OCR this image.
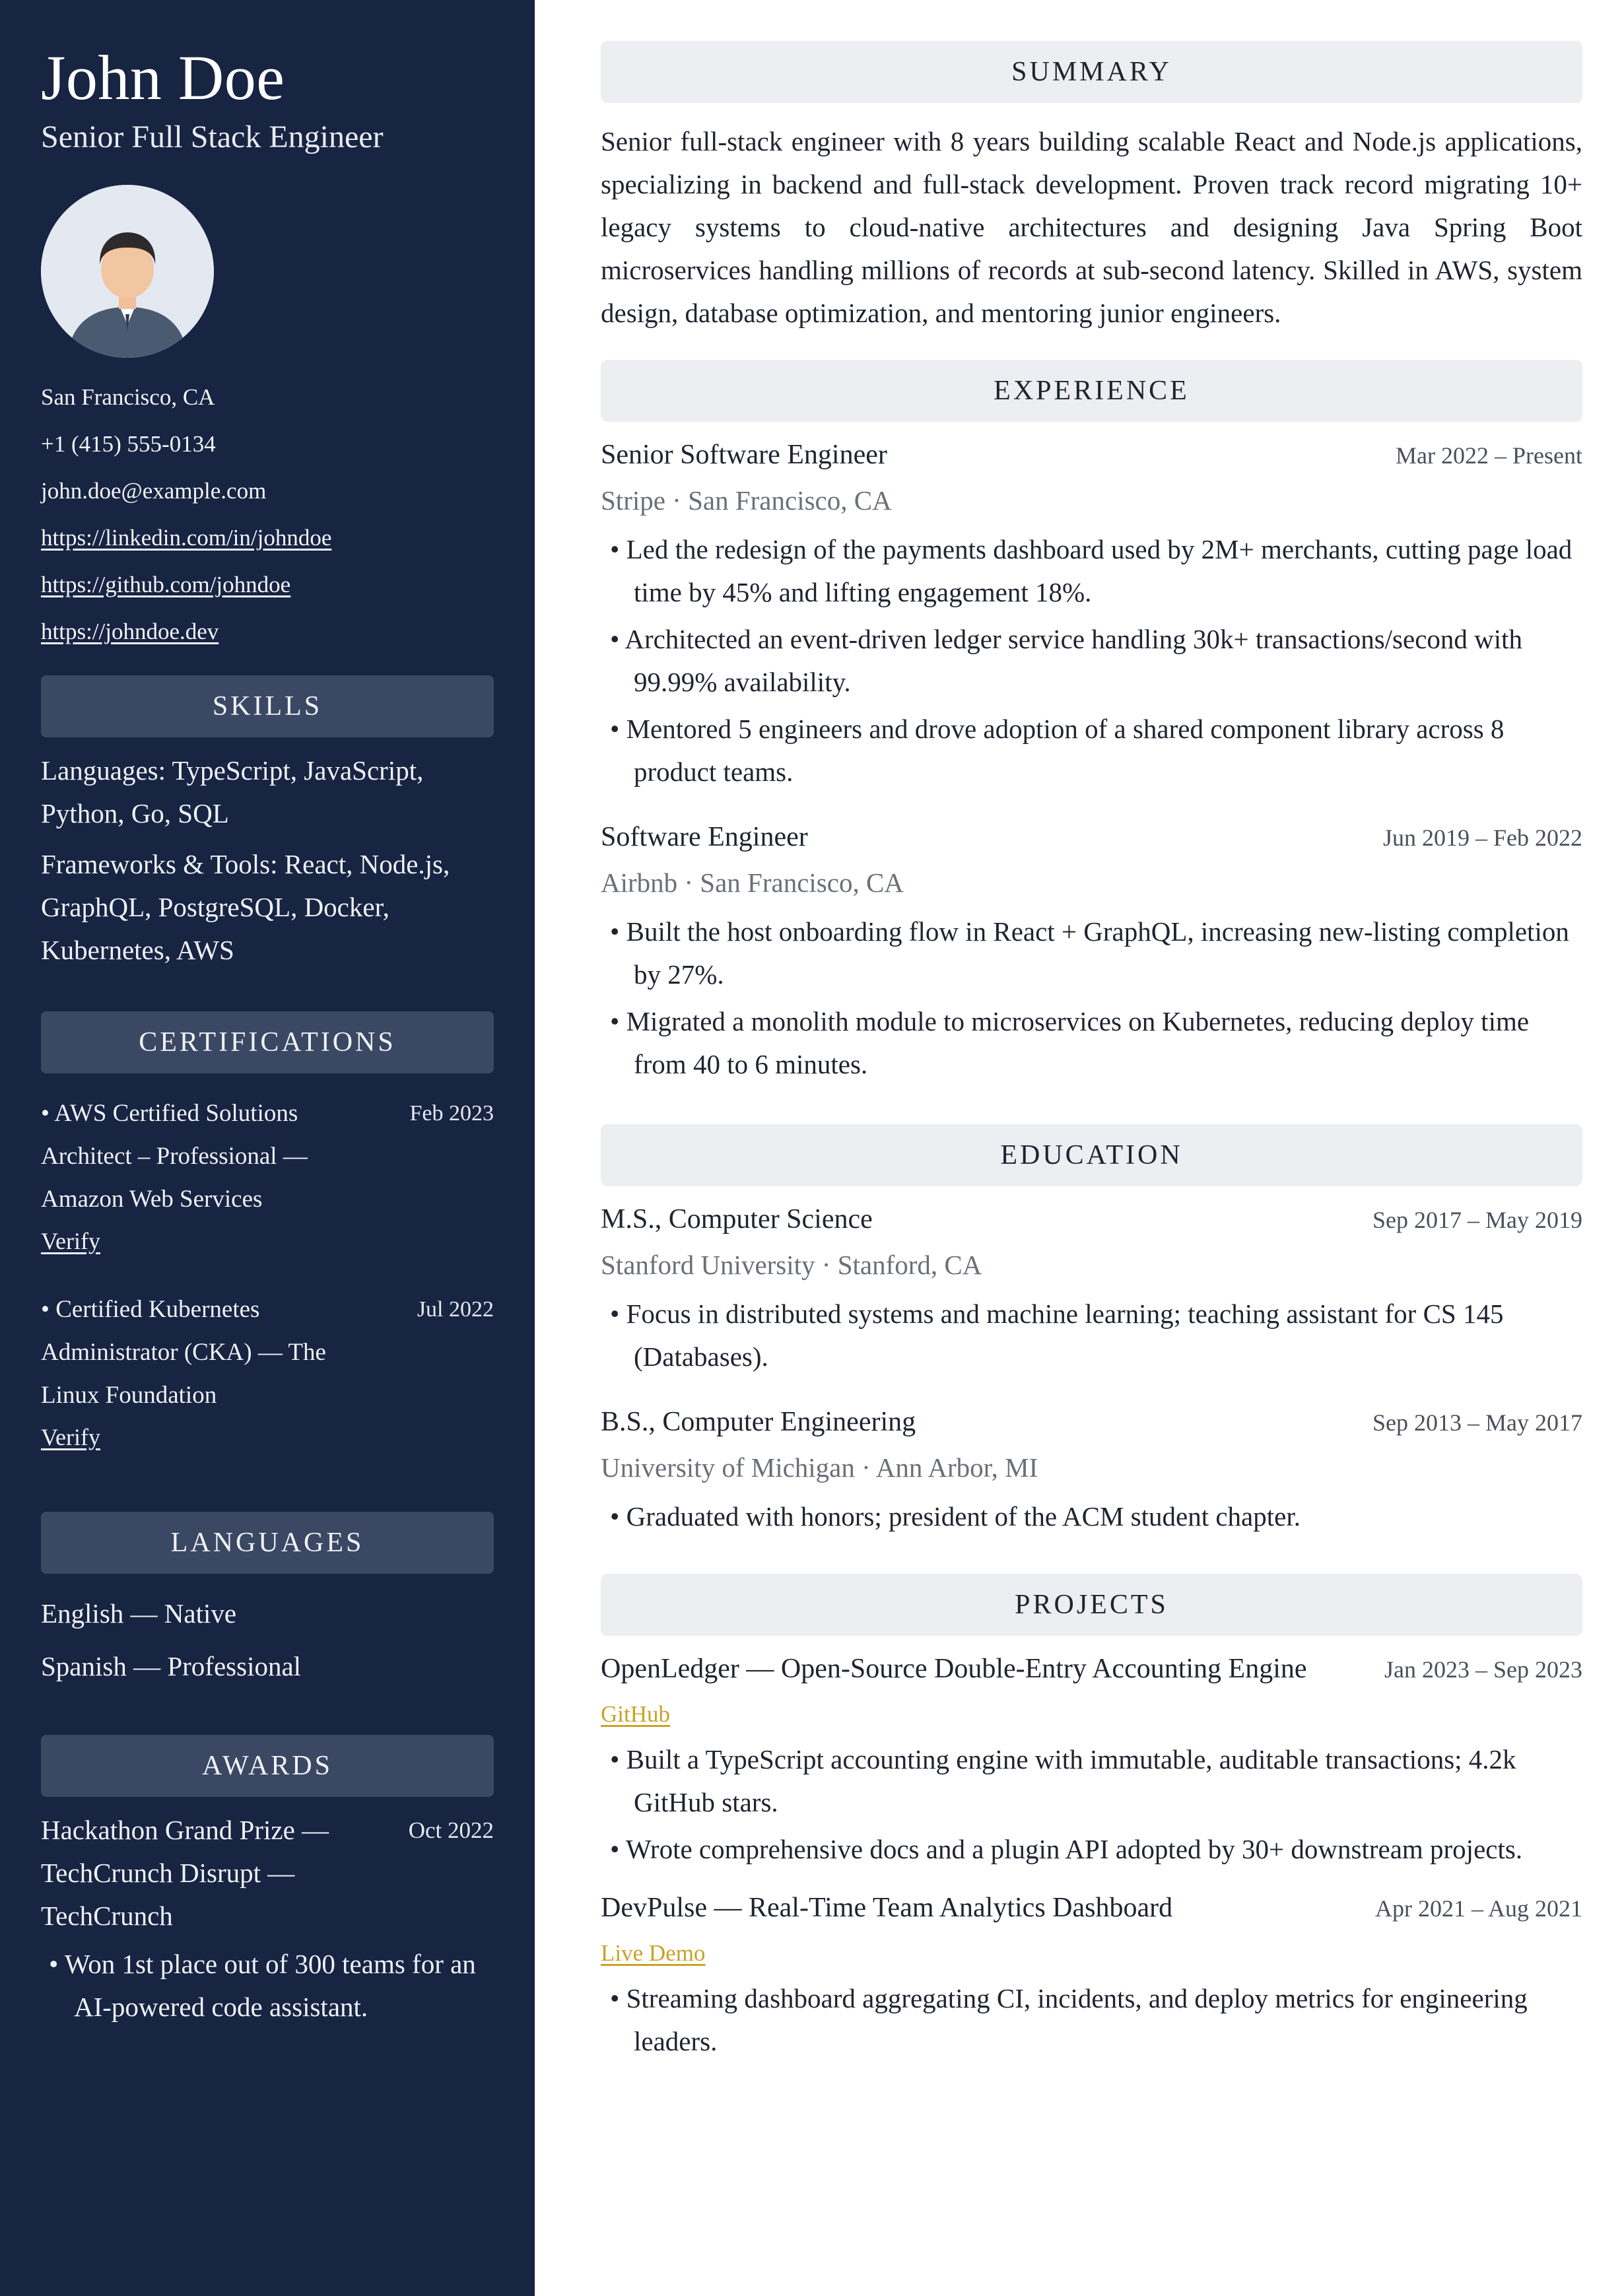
John Doe
Senior Full Stack Engineer
San Francisco, CA
+1 (415) 555-0134
john.doe@example.com
https://linkedin.com/in/johndoe
https://github.com/johndoe
https://johndoe.dev
SKILLS
Languages: TypeScript, JavaScript, Python, Go, SQL
Frameworks & Tools: React, Node.js, GraphQL, PostgreSQL, Docker, Kubernetes, AWS
CERTIFICATIONS
• AWS Certified Solutions Architect – Professional — Amazon Web Services
Feb 2023
Verify
• Certified Kubernetes Administrator (CKA) — The Linux Foundation
Jul 2022
Verify
LANGUAGES
English — Native
Spanish — Professional
AWARDS
Hackathon Grand Prize — TechCrunch Disrupt — TechCrunch
Oct 2022
• Won 1st place out of 300 teams for an AI-powered code assistant.
SUMMARY

Senior full-stack engineer with 8 years building scalable React and Node.js applications, specializing in backend and full-stack development. Proven track record migrating 10+ legacy systems to cloud-native architectures and designing Java Spring Boot microservices handling millions of records at sub-second latency. Skilled in AWS, system design, database optimization, and mentoring junior engineers.

EXPERIENCE
Senior Software Engineer	Mar 2022 – Present
Stripe · San Francisco, CA
• Led the redesign of the payments dashboard used by 2M+ merchants, cutting page load time by 45% and lifting engagement 18%.
• Architected an event-driven ledger service handling 30k+ transactions/second with 99.99% availability.
• Mentored 5 engineers and drove adoption of a shared component library across 8 product teams.
Software Engineer	Jun 2019 – Feb 2022
Airbnb · San Francisco, CA
• Built the host onboarding flow in React + GraphQL, increasing new-listing completion by 27%.
• Migrated a monolith module to microservices on Kubernetes, reducing deploy time from 40 to 6 minutes.
EDUCATION
M.S., Computer Science	Sep 2017 – May 2019
Stanford University · Stanford, CA
• Focus in distributed systems and machine learning; teaching assistant for CS 145 (Databases).
B.S., Computer Engineering	Sep 2013 – May 2017
University of Michigan · Ann Arbor, MI
• Graduated with honors; president of the ACM student chapter.
PROJECTS
OpenLedger — Open-Source Double-Entry Accounting Engine	Jan 2023 – Sep 2023
GitHub
• Built a TypeScript accounting engine with immutable, auditable transactions; 4.2k GitHub stars.
• Wrote comprehensive docs and a plugin API adopted by 30+ downstream projects.
DevPulse — Real-Time Team Analytics Dashboard	Apr 2021 – Aug 2021
Live Demo
• Streaming dashboard aggregating CI, incidents, and deploy metrics for engineering leaders.
